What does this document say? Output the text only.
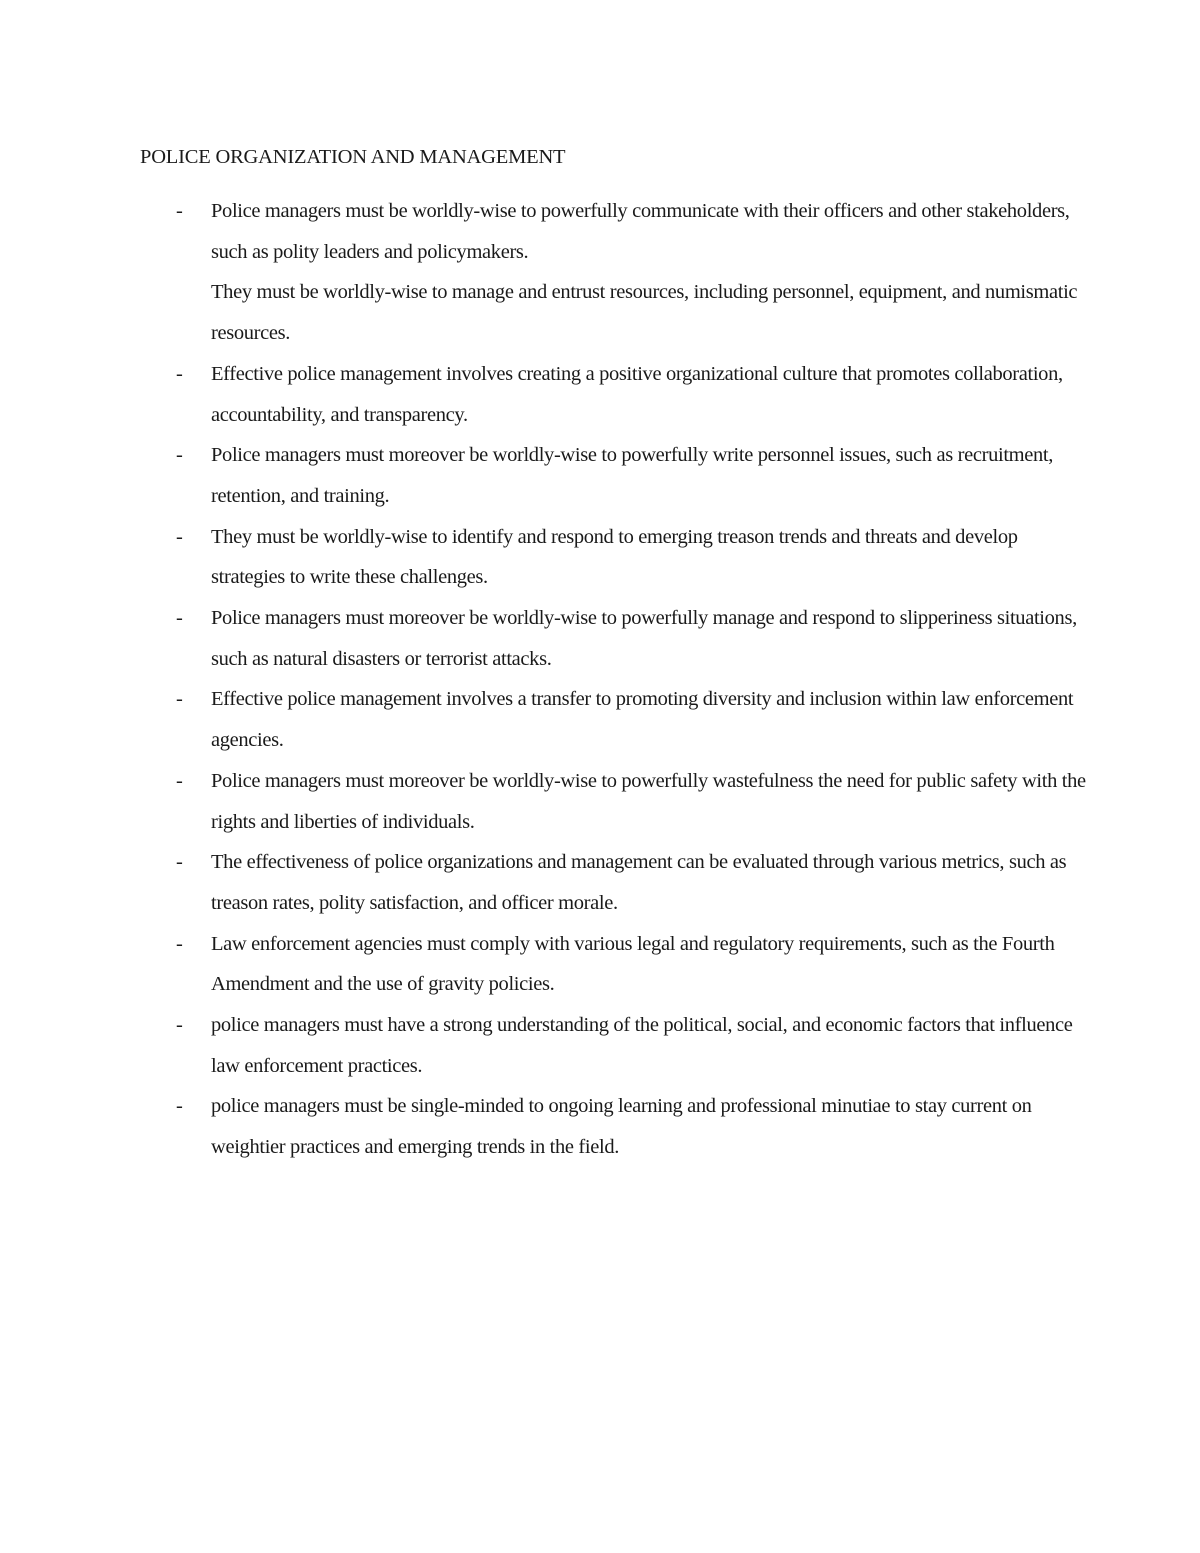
POLICE ORGANIZATION AND MANAGEMENT
- Police managers must be worldly-wise to powerfully communicate with their officers and other stakeholders, such as polity leaders and policymakers.
They must be worldly-wise to manage and entrust resources, including personnel, equipment, and numismatic resources.
- Effective police management involves creating a positive organizational culture that promotes collaboration, accountability, and transparency.
- Police managers must moreover be worldly-wise to powerfully write personnel issues, such as recruitment, retention, and training.
- They must be worldly-wise to identify and respond to emerging treason trends and threats and develop strategies to write these challenges.
- Police managers must moreover be worldly-wise to powerfully manage and respond to slipperiness situations, such as natural disasters or terrorist attacks.
- Effective police management involves a transfer to promoting diversity and inclusion within law enforcement agencies.
- Police managers must moreover be worldly-wise to powerfully wastefulness the need for public safety with the rights and liberties of individuals.
- The effectiveness of police organizations and management can be evaluated through various metrics, such as treason rates, polity satisfaction, and officer morale.
- Law enforcement agencies must comply with various legal and regulatory requirements, such as the Fourth Amendment and the use of gravity policies.
- police managers must have a strong understanding of the political, social, and economic factors that influence law enforcement practices.
- police managers must be single-minded to ongoing learning and professional minutiae to stay current on weightier practices and emerging trends in the field.
